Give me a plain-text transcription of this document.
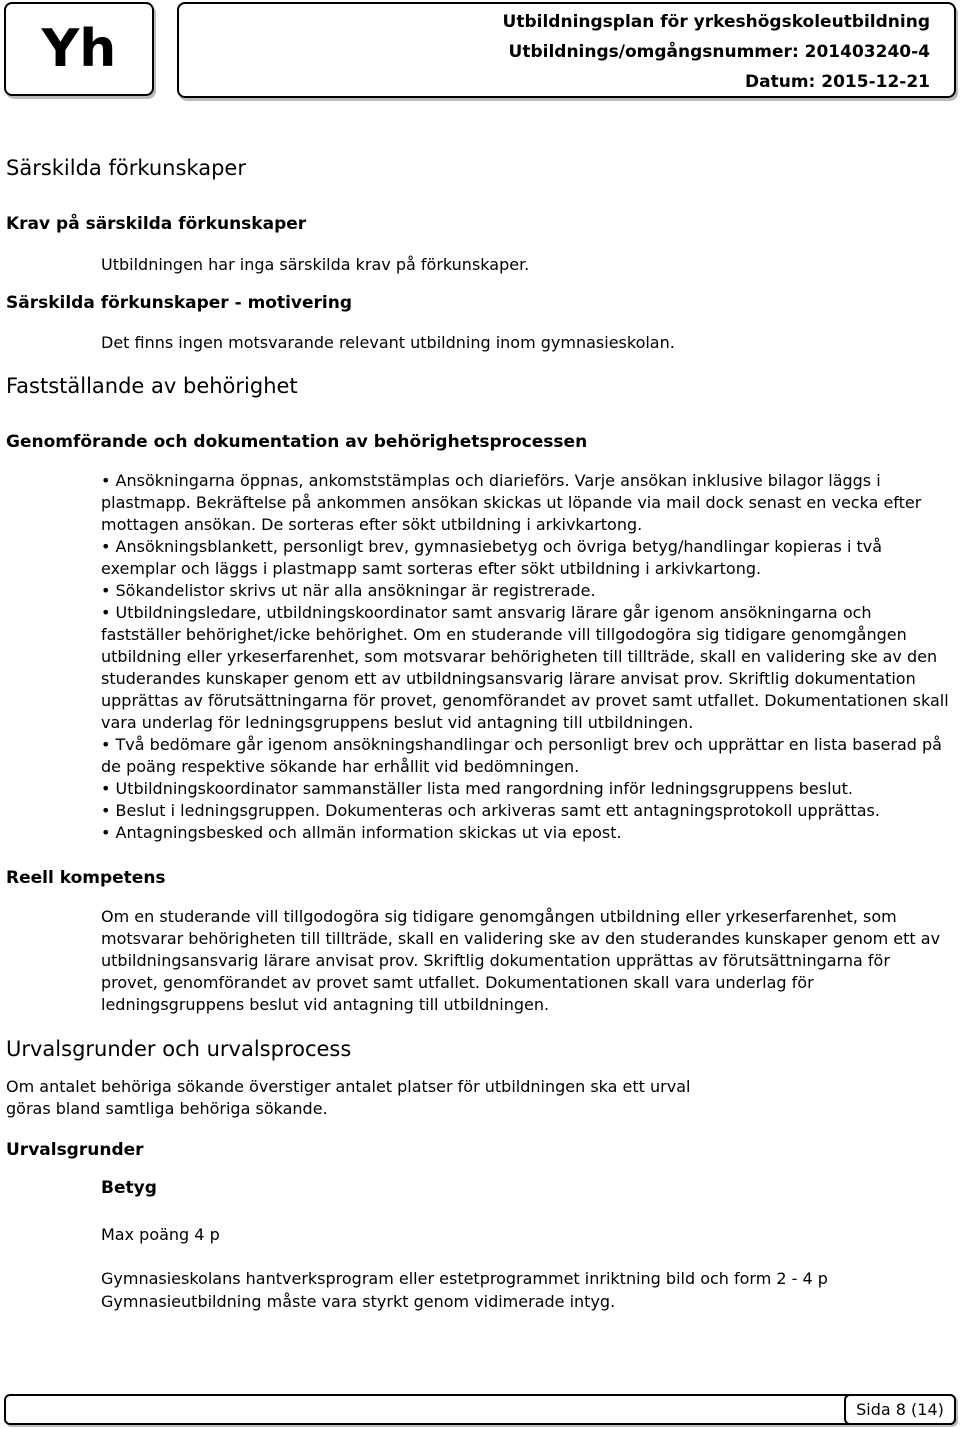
Yh	Utbildningsplan för yrkeshögskoleutbildning
Utbildnings/omgångsnummer: 201403240-4
Datum: 2015-12-21
Särskilda förkunskaper
Krav på särskilda förkunskaper
Utbildningen har inga särskilda krav på förkunskaper.
Särskilda förkunskaper - motivering
Det finns ingen motsvarande relevant utbildning inom gymnasieskolan.
Fastställande av behörighet
Genomförande och dokumentation av behörighetsprocessen
• Ansökningarna öppnas, ankomststämplas och diarieförs. Varje ansökan inklusive bilagor läggs i plastmapp. Bekräftelse på ankommen ansökan skickas ut löpande via mail dock senast en vecka efter mottagen ansökan. De sorteras efter sökt utbildning i arkivkartong.
• Ansökningsblankett, personligt brev, gymnasiebetyg och övriga betyg/handlingar kopieras i två exemplar och läggs i plastmapp samt sorteras efter sökt utbildning i arkivkartong.
• Sökandelistor skrivs ut när alla ansökningar är registrerade.
• Utbildningsledare, utbildningskoordinator samt ansvarig lärare går igenom ansökningarna och fastställer behörighet/icke behörighet. Om en studerande vill tillgodogöra sig tidigare genomgången utbildning eller yrkeserfarenhet, som motsvarar behörigheten till tillträde, skall en validering ske av den studerandes kunskaper genom ett av utbildningsansvarig lärare anvisat prov. Skriftlig dokumentation upprättas av förutsättningarna för provet, genomförandet av provet samt utfallet. Dokumentationen skall vara underlag för ledningsgruppens beslut vid antagning till utbildningen.
• Två bedömare går igenom ansökningshandlingar och personligt brev och upprättar en lista baserad på de poäng respektive sökande har erhållit vid bedömningen.
• Utbildningskoordinator sammanställer lista med rangordning inför ledningsgruppens beslut.
• Beslut i ledningsgruppen. Dokumenteras och arkiveras samt ett antagningsprotokoll upprättas.
• Antagningsbesked och allmän information skickas ut via epost.
Reell kompetens
Om en studerande vill tillgodogöra sig tidigare genomgången utbildning eller yrkeserfarenhet, som motsvarar behörigheten till tillträde, skall en validering ske av den studerandes kunskaper genom ett av utbildningsansvarig lärare anvisat prov. Skriftlig dokumentation upprättas av förutsättningarna för provet, genomförandet av provet samt utfallet. Dokumentationen skall vara underlag för ledningsgruppens beslut vid antagning till utbildningen.
Urvalsgrunder och urvalsprocess
Om antalet behöriga sökande överstiger antalet platser för utbildningen ska ett urval göras bland samtliga behöriga sökande.
Urvalsgrunder
Betyg
Max poäng 4 p
Gymnasieskolans hantverksprogram eller estetprogrammet inriktning bild och form 2 - 4 p
Gymnasieutbildning måste vara styrkt genom vidimerade intyg.
Sida 8 (14)
